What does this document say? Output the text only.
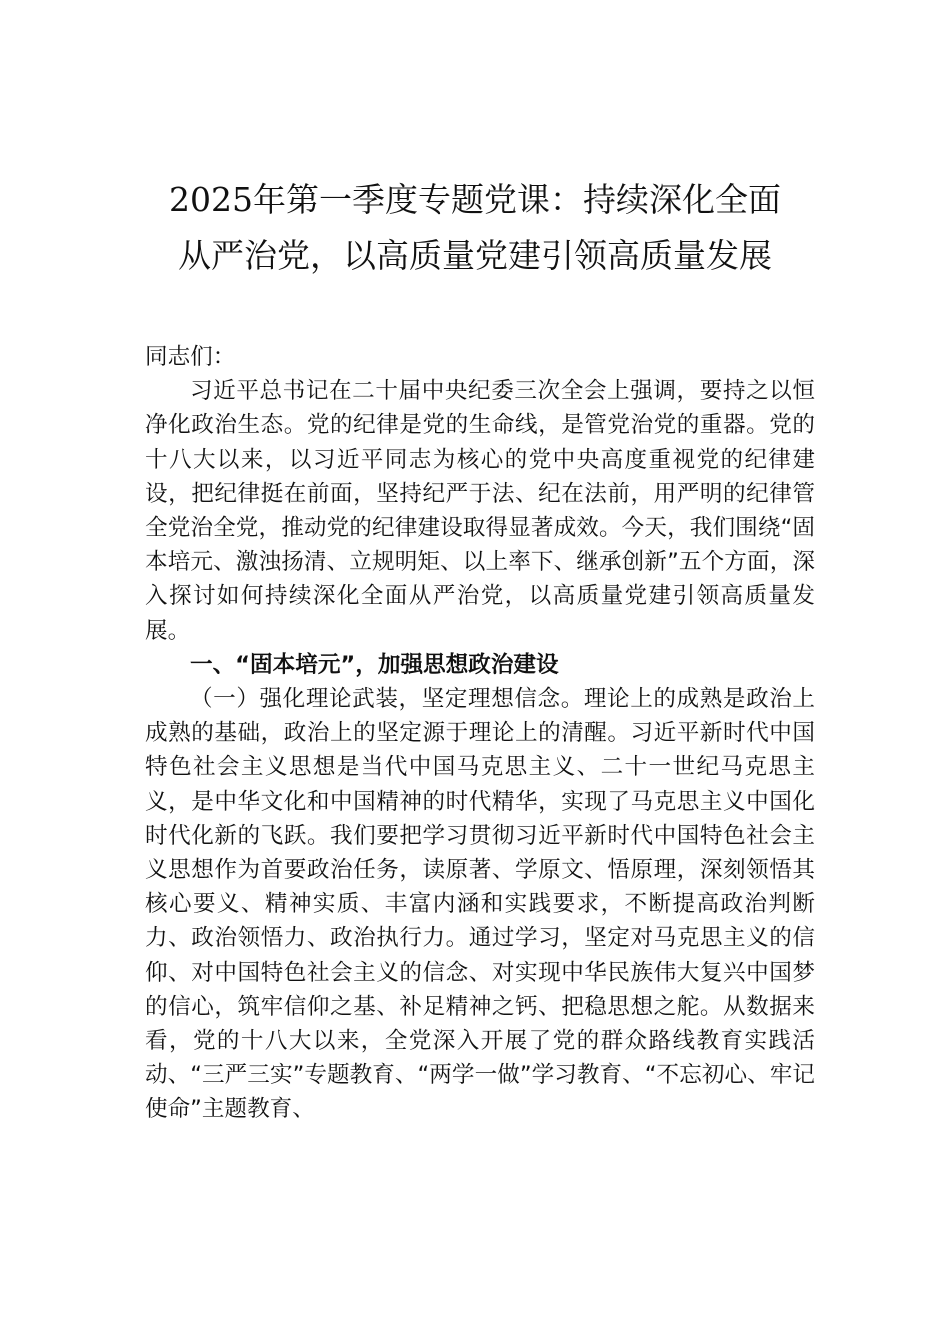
2025年第一季度专题党课：持续深化全面
从严治党，以高质量党建引领高质量发展

同志们：

习近平总书记在二十届中央纪委三次全会上强调，要持之以恒净化政治生态。党的纪律是党的生命线，是管党治党的重器。党的十八大以来，以习近平同志为核心的党中央高度重视党的纪律建设，把纪律挺在前面，坚持纪严于法、纪在法前，用严明的纪律管全党治全党，推动党的纪律建设取得显著成效。今天，我们围绕“固本培元、激浊扬清、立规明矩、以上率下、继承创新”五个方面，深入探讨如何持续深化全面从严治党，以高质量党建引领高质量发展。

一、“固本培元”，加强思想政治建设

（一）强化理论武装，坚定理想信念。理论上的成熟是政治上成熟的基础，政治上的坚定源于理论上的清醒。习近平新时代中国特色社会主义思想是当代中国马克思主义、二十一世纪马克思主义，是中华文化和中国精神的时代精华，实现了马克思主义中国化时代化新的飞跃。我们要把学习贯彻习近平新时代中国特色社会主义思想作为首要政治任务，读原著、学原文、悟原理，深刻领悟其核心要义、精神实质、丰富内涵和实践要求，不断提高政治判断力、政治领悟力、政治执行力。通过学习，坚定对马克思主义的信仰、对中国特色社会主义的信念、对实现中华民族伟大复兴中国梦的信心，筑牢信仰之基、补足精神之钙、把稳思想之舵。从数据来看，党的十八大以来，全党深入开展了党的群众路线教育实践活动、“三严三实”专题教育、“两学一做”学习教育、“不忘初心、牢记使命”主题教育、
